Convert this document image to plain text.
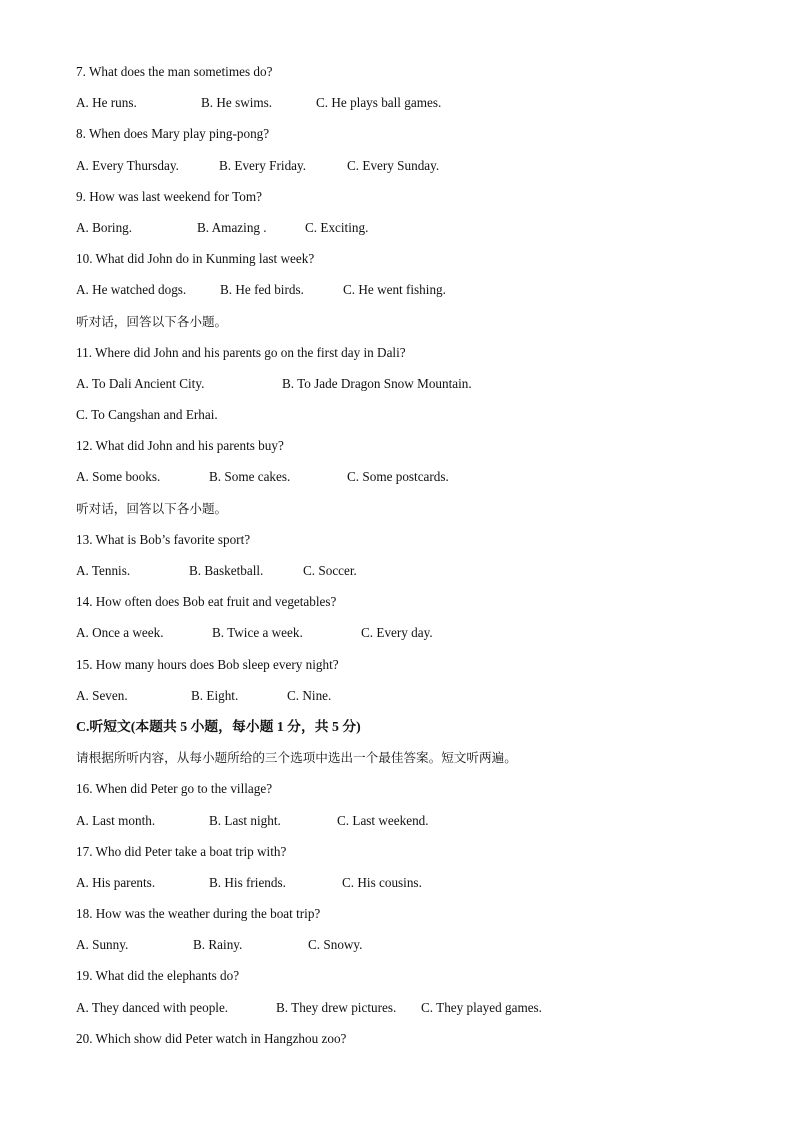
7. What does the man sometimes do?
A. He runs.	B. He swims.	C. He plays ball games.
8. When does Mary play ping-pong?
A. Every Thursday.	B. Every Friday.	C. Every Sunday.
9. How was last weekend for Tom?
A. Boring.	B. Amazing .	C. Exciting.
10. What did John do in Kunming last week?
A. He watched dogs.	B. He fed birds.	C. He went fishing.
听对话，回答以下各小题。
11. Where did John and his parents go on the first day in Dali?
A. To Dali Ancient City.	B. To Jade Dragon Snow Mountain.
C. To Cangshan and Erhai.
12. What did John and his parents buy?
A. Some books.	B. Some cakes.	C. Some postcards.
听对话，回答以下各小题。
13. What is Bob’s favorite sport?
A. Tennis.	B. Basketball.	C. Soccer.
14. How often does Bob eat fruit and vegetables?
A. Once a week.	B. Twice a week.	C. Every day.
15. How many hours does Bob sleep every night?
A. Seven.	B. Eight.	C. Nine.
C.听短文(本题共 5 小题，每小题 1 分，共 5 分)
请根据所听内容，从每小题所给的三个选项中选出一个最佳答案。短文听两遍。
16. When did Peter go to the village?
A. Last month.	B. Last night.	C. Last weekend.
17. Who did Peter take a boat trip with?
A. His parents.	B. His friends.	C. His cousins.
18. How was the weather during the boat trip?
A. Sunny.	B. Rainy.	C. Snowy.
19. What did the elephants do?
A. They danced with people.	B. They drew pictures. C. They played games.
20. Which show did Peter watch in Hangzhou zoo?
